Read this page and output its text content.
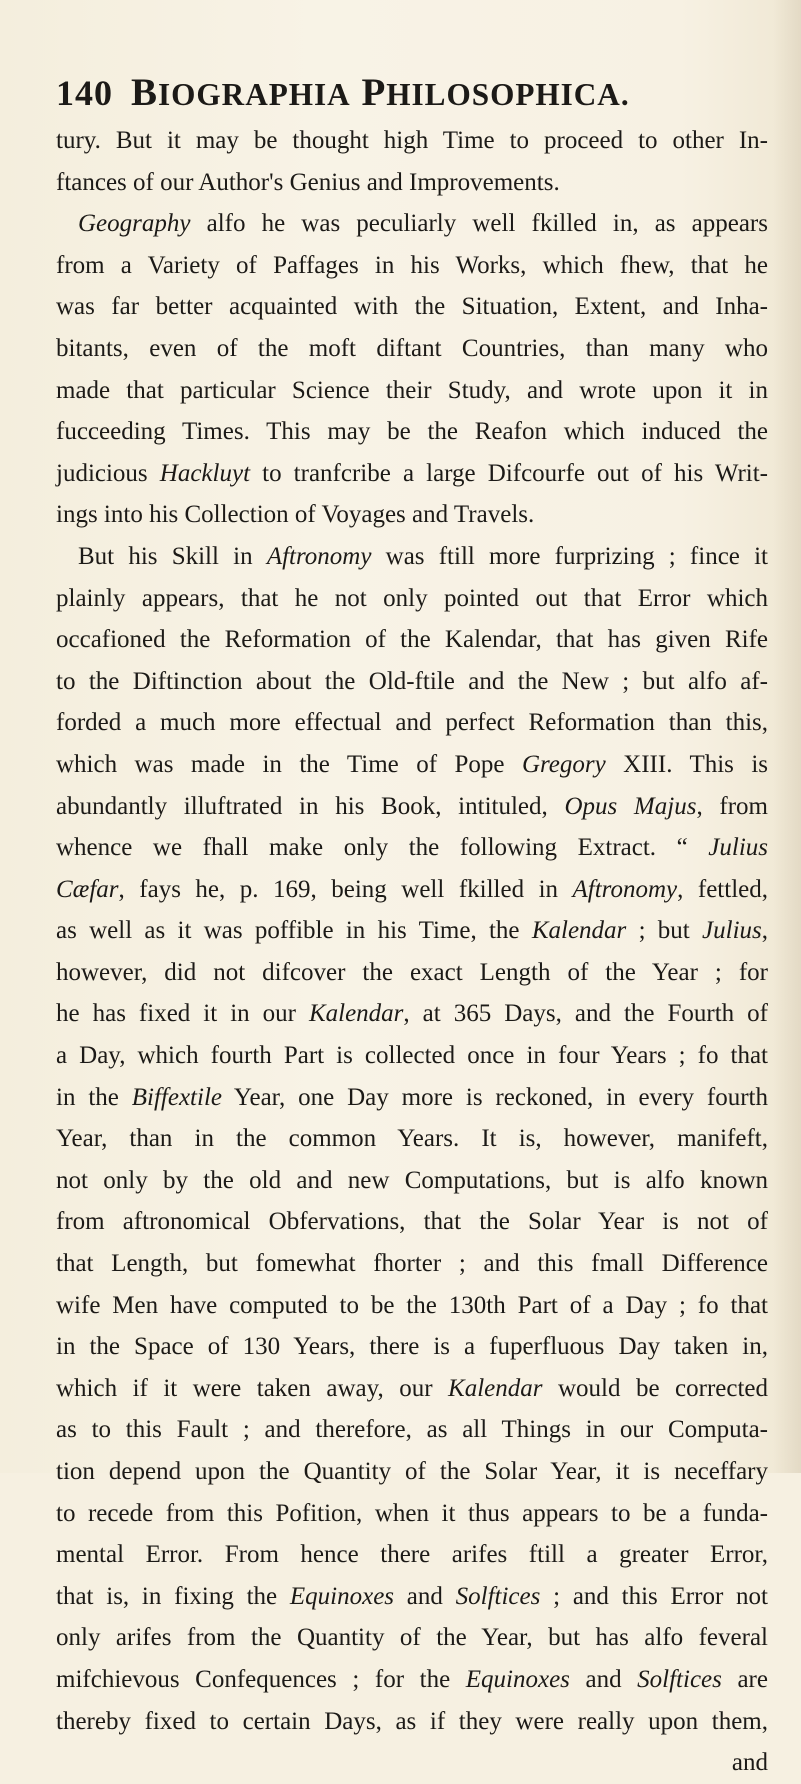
140 BIOGRAPHIA PHILOSOPHICA.
tury. But it may be thought high Time to proceed to other In-
ftances of our Author's Genius and Improvements.
Geography alfo he was peculiarly well fkilled in, as appears
from a Variety of Paffages in his Works, which fhew, that he
was far better acquainted with the Situation, Extent, and Inha-
bitants, even of the moft diftant Countries, than many who
made that particular Science their Study, and wrote upon it in
fucceeding Times. This may be the Reafon which induced the
judicious Hackluyt to tranfcribe a large Difcourfe out of his Writ-
ings into his Collection of Voyages and Travels.
But his Skill in Aftronomy was ftill more furprizing ; fince it
plainly appears, that he not only pointed out that Error which
occafioned the Reformation of the Kalendar, that has given Rife
to the Diftinction about the Old-ftile and the New ; but alfo af-
forded a much more effectual and perfect Reformation than this,
which was made in the Time of Pope Gregory XIII. This is
abundantly illuftrated in his Book, intituled, Opus Majus, from
whence we fhall make only the following Extract. “ Julius
Cæfar, fays he, p. 169, being well fkilled in Aftronomy, fettled,
as well as it was poffible in his Time, the Kalendar ; but Julius,
however, did not difcover the exact Length of the Year ; for
he has fixed it in our Kalendar, at 365 Days, and the Fourth of
a Day, which fourth Part is collected once in four Years ; fo that
in the Biffextile Year, one Day more is reckoned, in every fourth
Year, than in the common Years. It is, however, manifeft,
not only by the old and new Computations, but is alfo known
from aftronomical Obfervations, that the Solar Year is not of
that Length, but fomewhat fhorter ; and this fmall Difference
wife Men have computed to be the 130th Part of a Day ; fo that
in the Space of 130 Years, there is a fuperfluous Day taken in,
which if it were taken away, our Kalendar would be corrected
as to this Fault ; and therefore, as all Things in our Computa-
tion depend upon the Quantity of the Solar Year, it is neceffary
to recede from this Pofition, when it thus appears to be a funda-
mental Error. From hence there arifes ftill a greater Error,
that is, in fixing the Equinoxes and Solftices ; and this Error not
only arifes from the Quantity of the Year, but has alfo feveral
mifchievous Confequences ; for the Equinoxes and Solftices are
thereby fixed to certain Days, as if they were really upon them,
and
